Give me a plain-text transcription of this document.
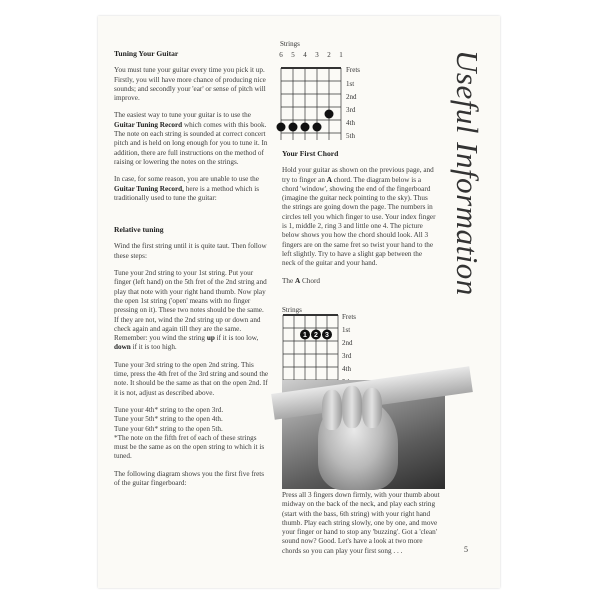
Tuning Your Guitar

You must tune your guitar every time you pick it up. Firstly, you will have more chance of producing nice sounds; and secondly your 'ear' or sense of pitch will improve.

The easiest way to tune your guitar is to use the Guitar Tuning Record which comes with this book. The note on each string is sounded at correct concert pitch and is held on long enough for you to tune it. In addition, there are full instructions on the method of raising or lowering the notes on the strings.

In case, for some reason, you are unable to use the Guitar Tuning Record, here is a method which is traditionally used to tune the guitar:

Relative tuning

Wind the first string until it is quite taut. Then follow these steps:

Tune your 2nd string to your 1st string. Put your finger (left hand) on the 5th fret of the 2nd string and play that note with your right hand thumb. Now play the open 1st string ('open' means with no finger pressing on it). These two notes should be the same. If they are not, wind the 2nd string up or down and check again and again till they are the same. Remember: you wind the string up if it is too low, down if it is too high.

Tune your 3rd string to the open 2nd string. This time, press the 4th fret of the 3rd string and sound the note. It should be the same as that on the open 2nd. If it is not, adjust as described above.

Tune your 4th* string to the open 3rd.

Tune your 5th* string to the open 4th.

Tune your 6th* string to the open 5th.

*The note on the fifth fret of each of these strings must be the same as on the open string to which it is tuned.

The following diagram shows you the first five frets of the guitar fingerboard:

Strings
6 5 4 3 2 1
Frets
1st
2nd
3rd
4th
5th
Your First Chord

Hold your guitar as shown on the previous page, and try to finger an A chord. The diagram below is a chord 'window', showing the end of the fingerboard (imagine the guitar neck pointing to the sky). Thus the strings are going down the page. The numbers in circles tell you which finger to use. Your index finger is 1, middle 2, ring 3 and little one 4. The picture below shows you how the chord should look. All 3 fingers are on the same fret so twist your hand to the left slightly. Try to have a slight gap between the neck of the guitar and your hand.

The A Chord

Strings
Frets
1st
2nd
3rd
4th
1 2 3

Press all 3 fingers down firmly, with your thumb about midway on the back of the neck, and play each string (start with the bass, 6th string) with your right hand thumb. Play each string slowly, one by one, and move your finger or hand to stop any 'buzzing'. Got a 'clean' sound now? Good. Let's have a look at two more chords so you can play your first song . . .

Useful Information
5
